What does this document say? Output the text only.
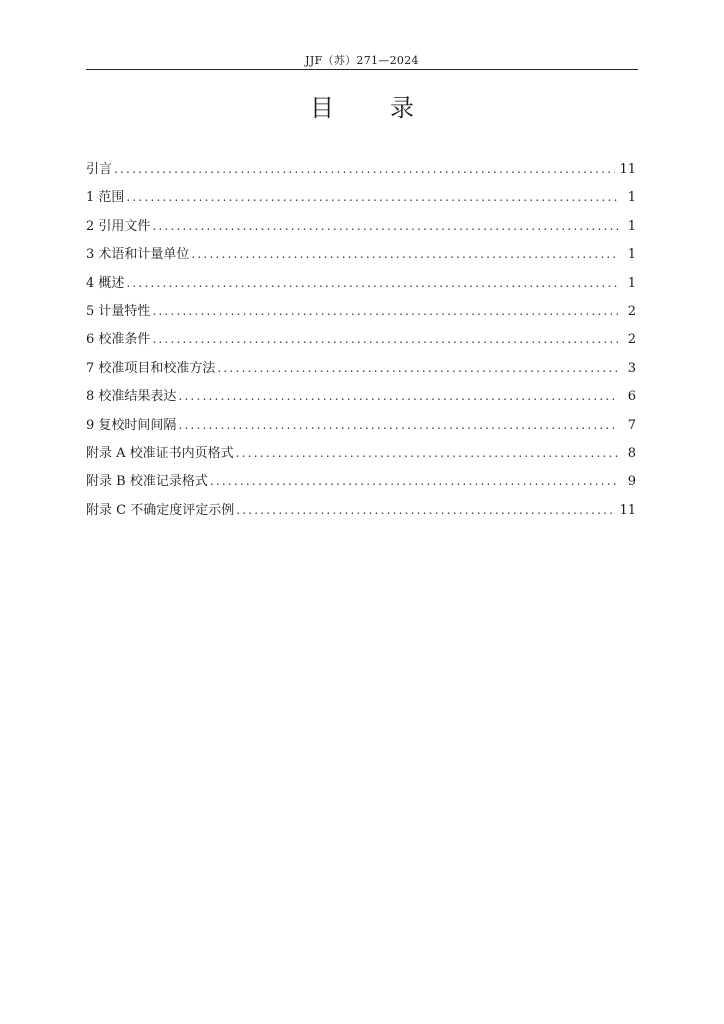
JJF（苏）271—2024
目 录
引言 .....	11
1 范围 .....	1
2 引用文件 .....	1
3 术语和计量单位 .....	1
4 概述 .....	1
5 计量特性 .....	2
6 校准条件 .....	2
7 校准项目和校准方法 .....	3
8 校准结果表达 .....	6
9 复校时间间隔 .....	7
附录 A 校准证书内页格式 .....	8
附录 B 校准记录格式 .....	9
附录 C 不确定度评定示例 .....	11
